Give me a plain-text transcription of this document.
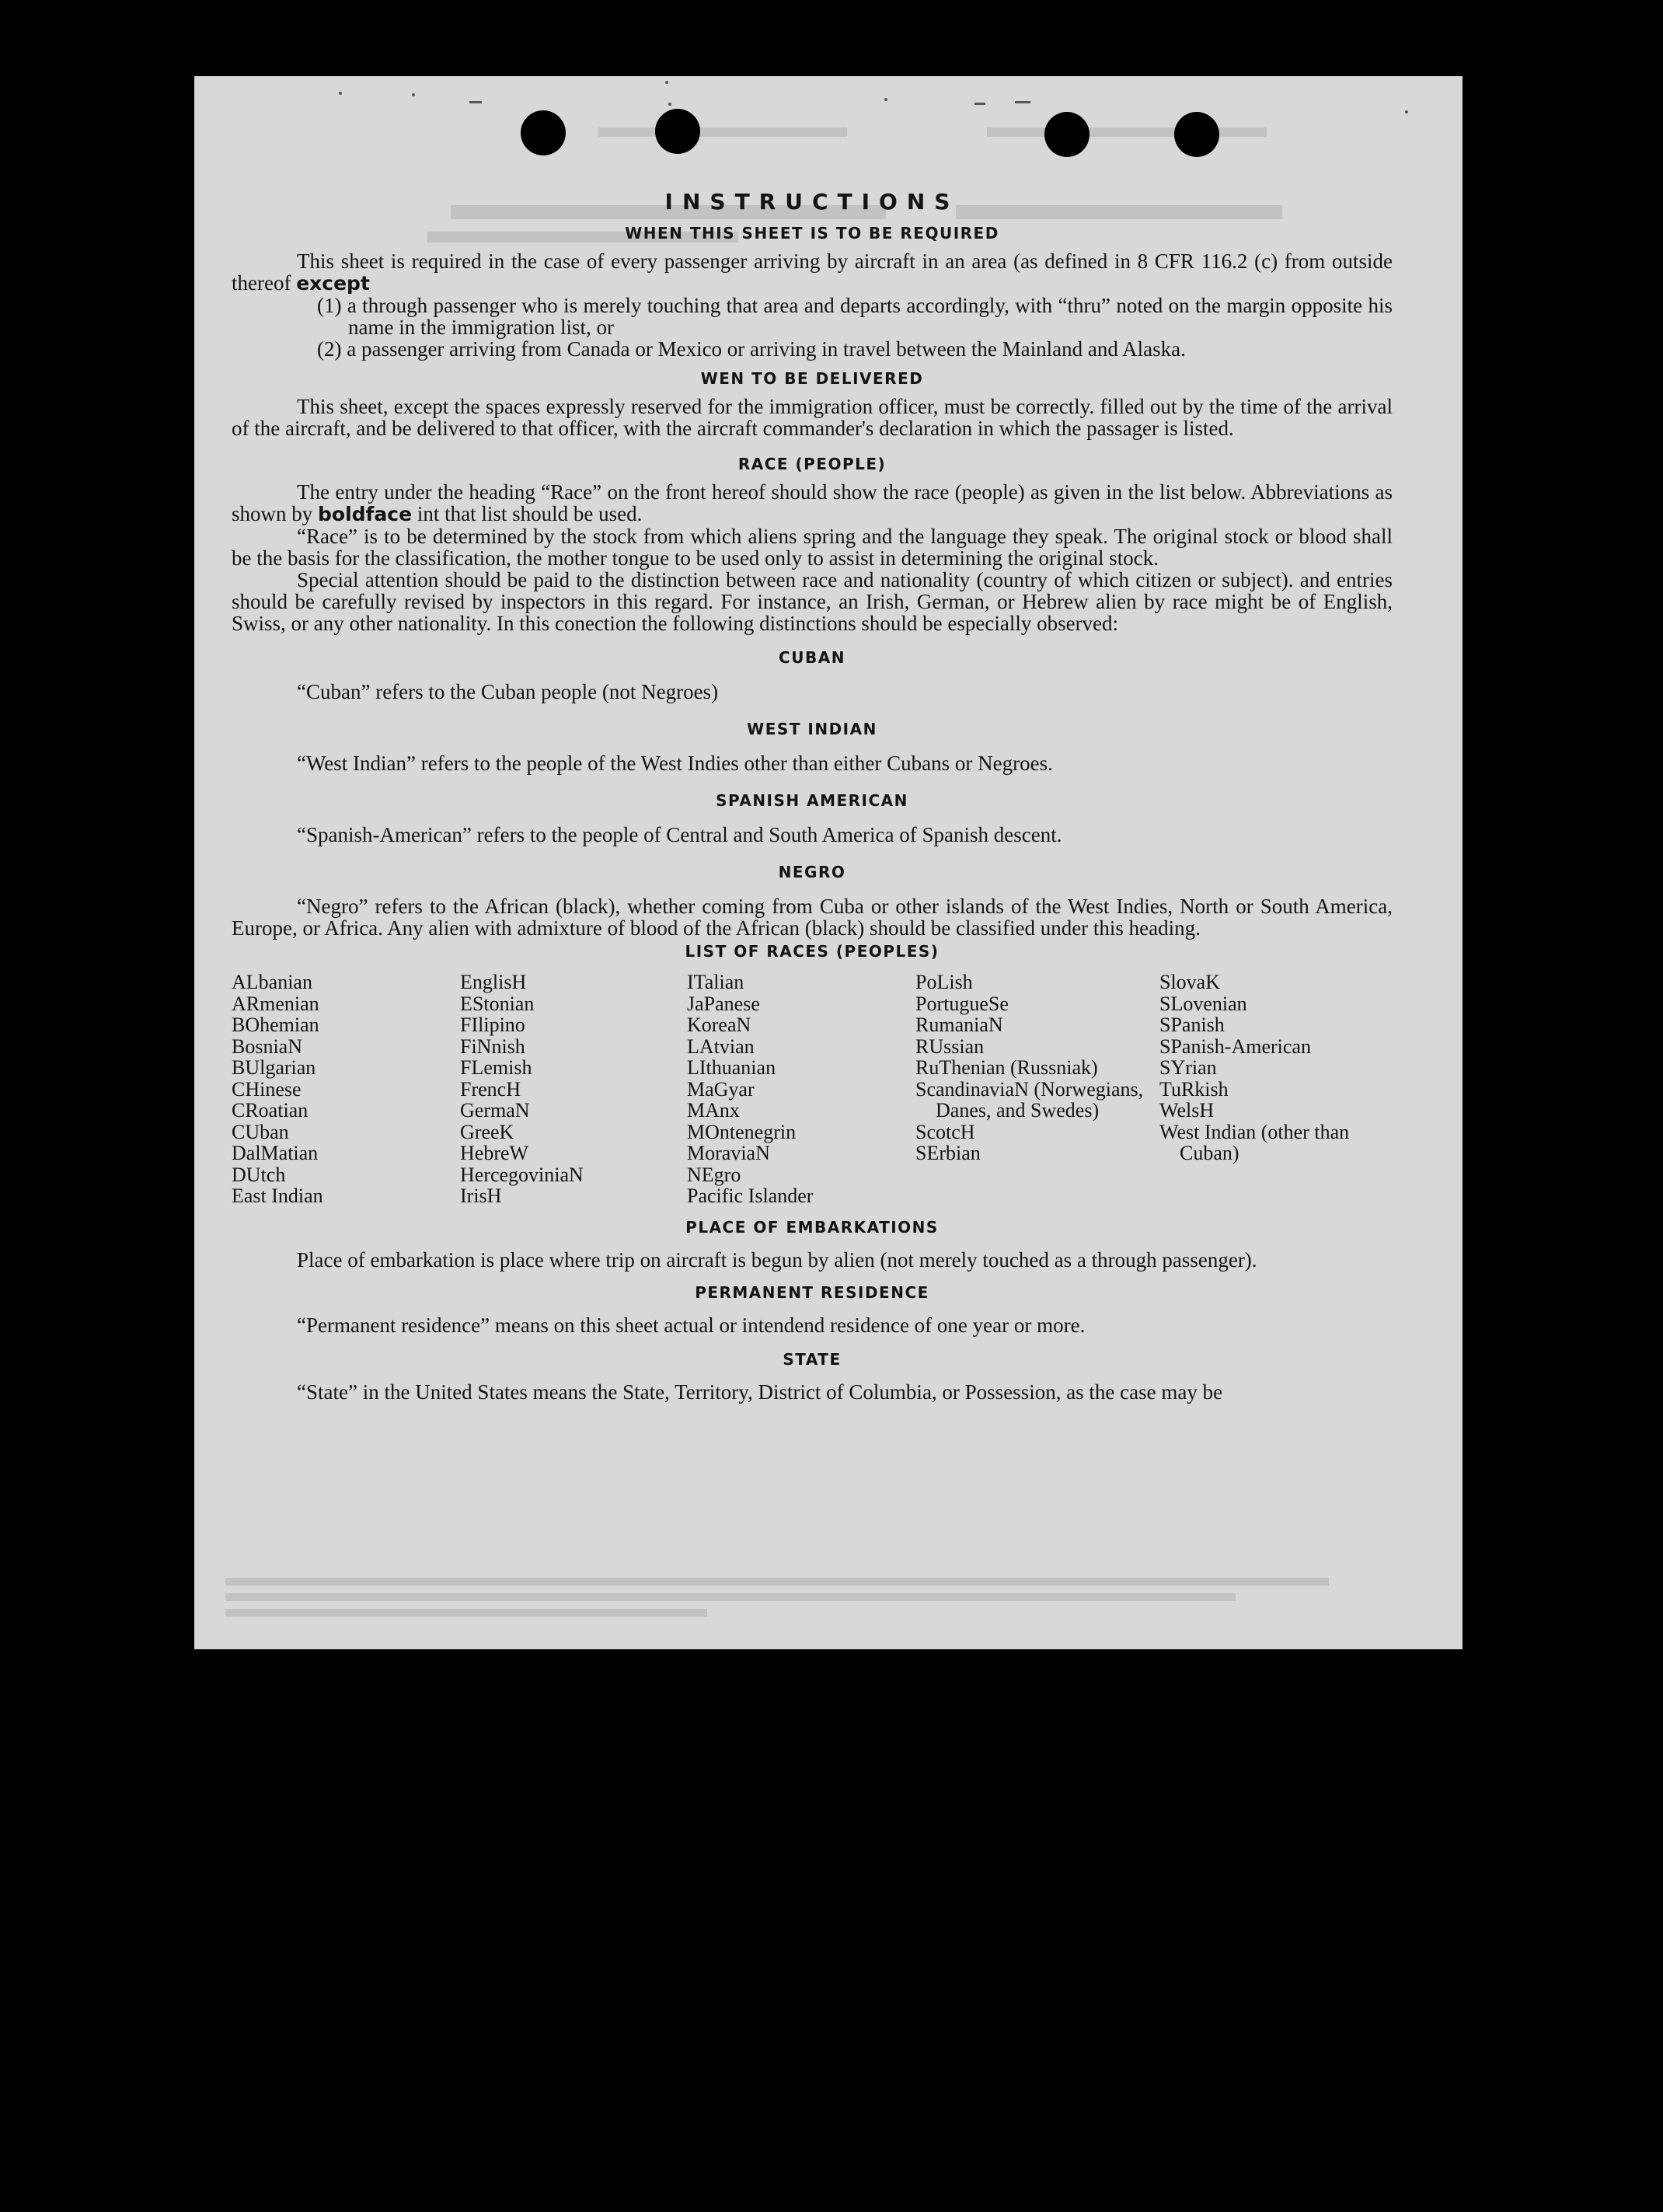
INSTRUCTIONS
WHEN THIS SHEET IS TO BE REQUIRED

This sheet is required in the case of every passenger arriving by aircraft in an area (as defined in 8 CFR 116.2 (c) from outside thereof except

(1) a through passenger who is merely touching that area and departs accordingly, with “thru” noted on the margin opposite his name in the immigration list, or

(2) a passenger arriving from Canada or Mexico or arriving in travel between the Mainland and Alaska.

WEN TO BE DELIVERED

This sheet, except the spaces expressly reserved for the immigration officer, must be correctly. filled out by the time of the arrival of the aircraft, and be delivered to that officer, with the aircraft commander's declaration in which the passager is listed.

RACE (PEOPLE)

The entry under the heading “Race” on the front hereof should show the race (people) as given in the list below. Abbreviations as shown by boldface int that list should be used.

“Race” is to be determined by the stock from which aliens spring and the language they speak. The original stock or blood shall be the basis for the classification, the mother tongue to be used only to assist in determining the original stock.

Special attention should be paid to the distinction between race and nationality (country of which citizen or subject). and entries should be carefully revised by inspectors in this regard. For instance, an Irish, German, or Hebrew alien by race might be of English, Swiss, or any other nationality. In this conection the following distinctions should be especially observed:

CUBAN

“Cuban” refers to the Cuban people (not Negroes)

WEST INDIAN

“West Indian” refers to the people of the West Indies other than either Cubans or Negroes.

SPANISH AMERICAN

“Spanish-American” refers to the people of Central and South America of Spanish descent.

NEGRO

“Negro” refers to the African (black), whether coming from Cuba or other islands of the West Indies, North or South America, Europe, or Africa. Any alien with admixture of blood of the African (black) should be classified under this heading.

LIST OF RACES (PEOPLES)
ALbanian
ARmenian
BOhemian
BosniaN
BUlgarian
CHinese
CRoatian
CUban
DalMatian
DUtch
East Indian
EnglisH
EStonian
FIlipino
FiNnish
FLemish
FrencH
GermaN
GreeK
HebreW
HercegoviniaN
IrisH
ITalian
JaPanese
KoreaN
LAtvian
LIthuanian
MaGyar
MAnx
MOntenegrin
MoraviaN
NEgro
Pacific Islander
PoLish
PortugueSe
RumaniaN
RUssian
RuThenian (Russniak)
ScandinaviaN (Norwegians, Danes, and Swedes)
ScotcH
SErbian
SlovaK
SLovenian
SPanish
SPanish-American
SYrian
TuRkish
WelsH
West Indian (other than Cuban)
PLACE OF EMBARKATIONS

Place of embarkation is place where trip on aircraft is begun by alien (not merely touched as a through passenger).

PERMANENT RESIDENCE

“Permanent residence” means on this sheet actual or intendend residence of one year or more.

STATE

“State” in the United States means the State, Territory, District of Columbia, or Possession, as the case may be
